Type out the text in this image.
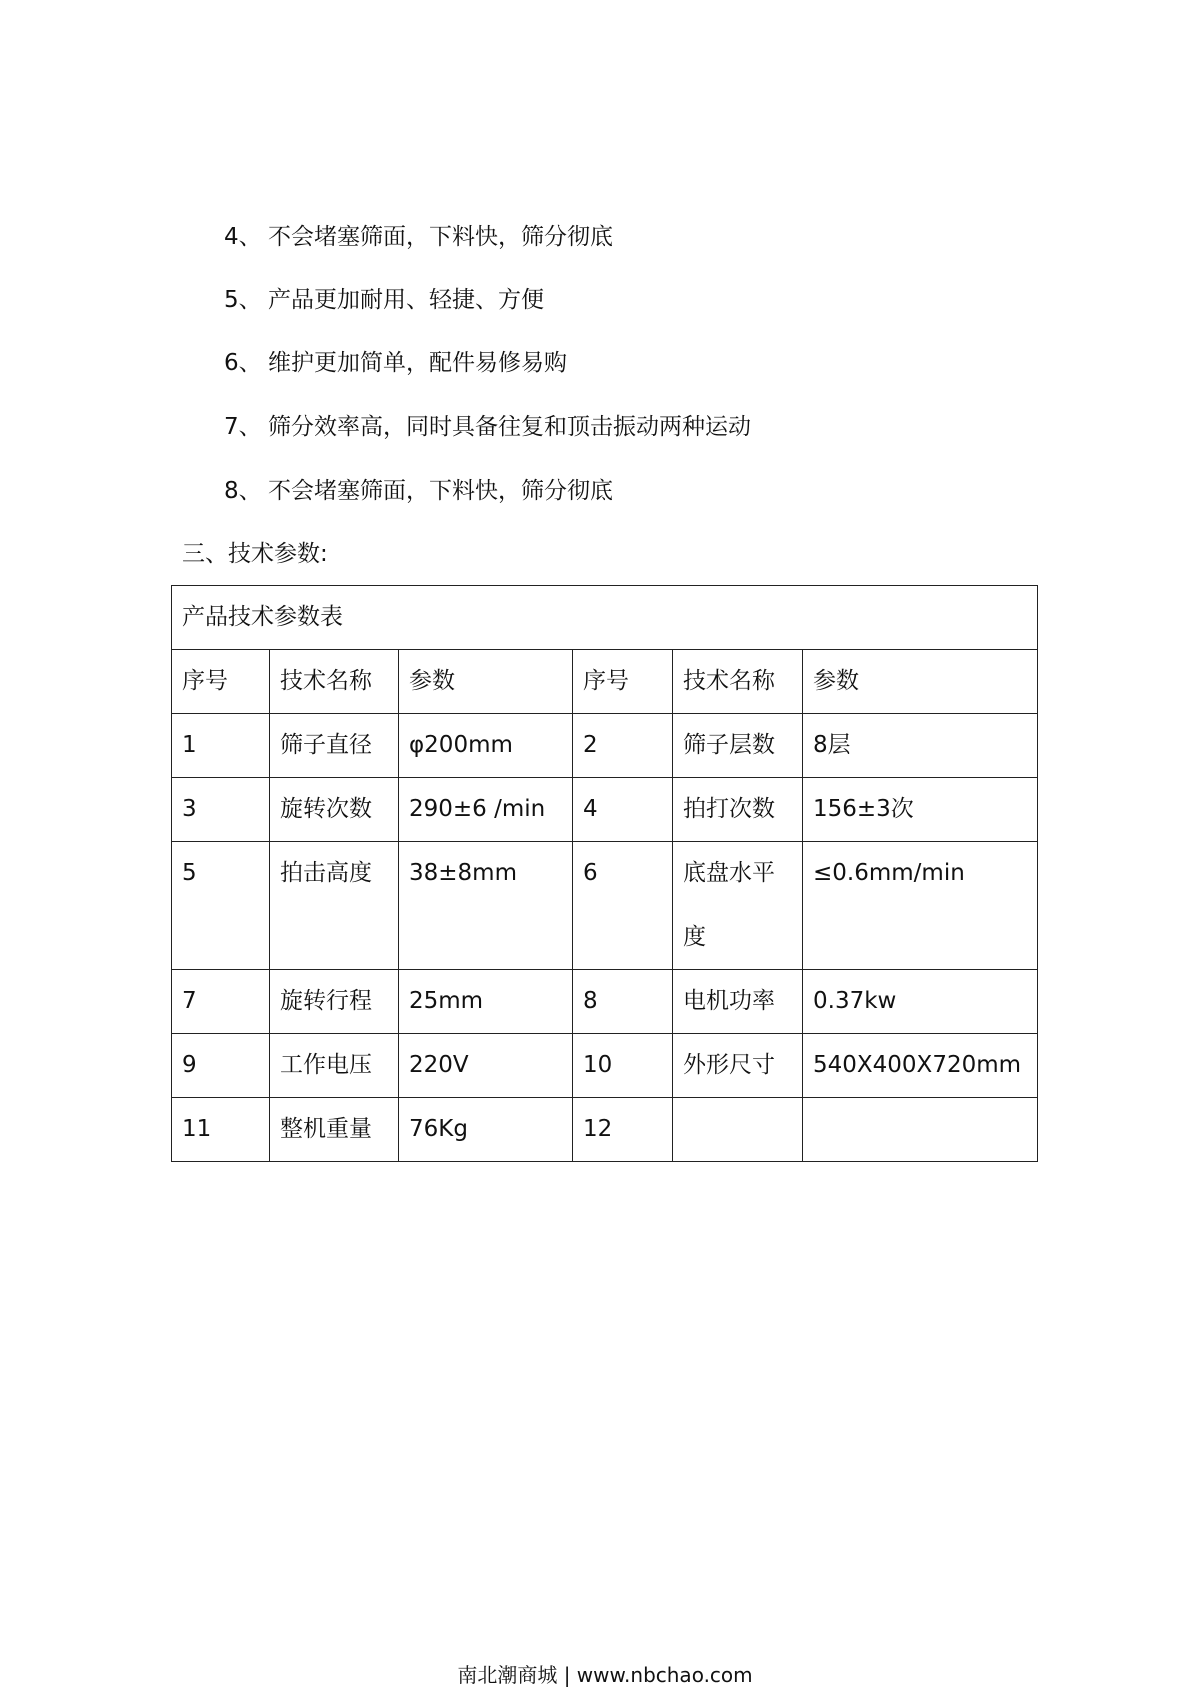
4、 不会堵塞筛面，下料快，筛分彻底
5、 产品更加耐用、轻捷、方便
6、 维护更加简单，配件易修易购
7、 筛分效率高，同时具备往复和顶击振动两种运动
8、 不会堵塞筛面，下料快，筛分彻底
三、技术参数:
产品技术参数表					
序号	技术名称	参数	序号	技术名称	参数
1	筛子直径	φ200mm	2	筛子层数	8层
3	旋转次数	290±6 /min	4	拍打次数	156±3次
5	拍击高度	38±8mm	6	底盘水平度	≤0.6mm/min
7	旋转行程	25mm	8	电机功率	0.37kw
9	工作电压	220V	10	外形尺寸	540X400X720mm
11	整机重量	76Kg	12		
南北潮商城 | www.nbchao.com
